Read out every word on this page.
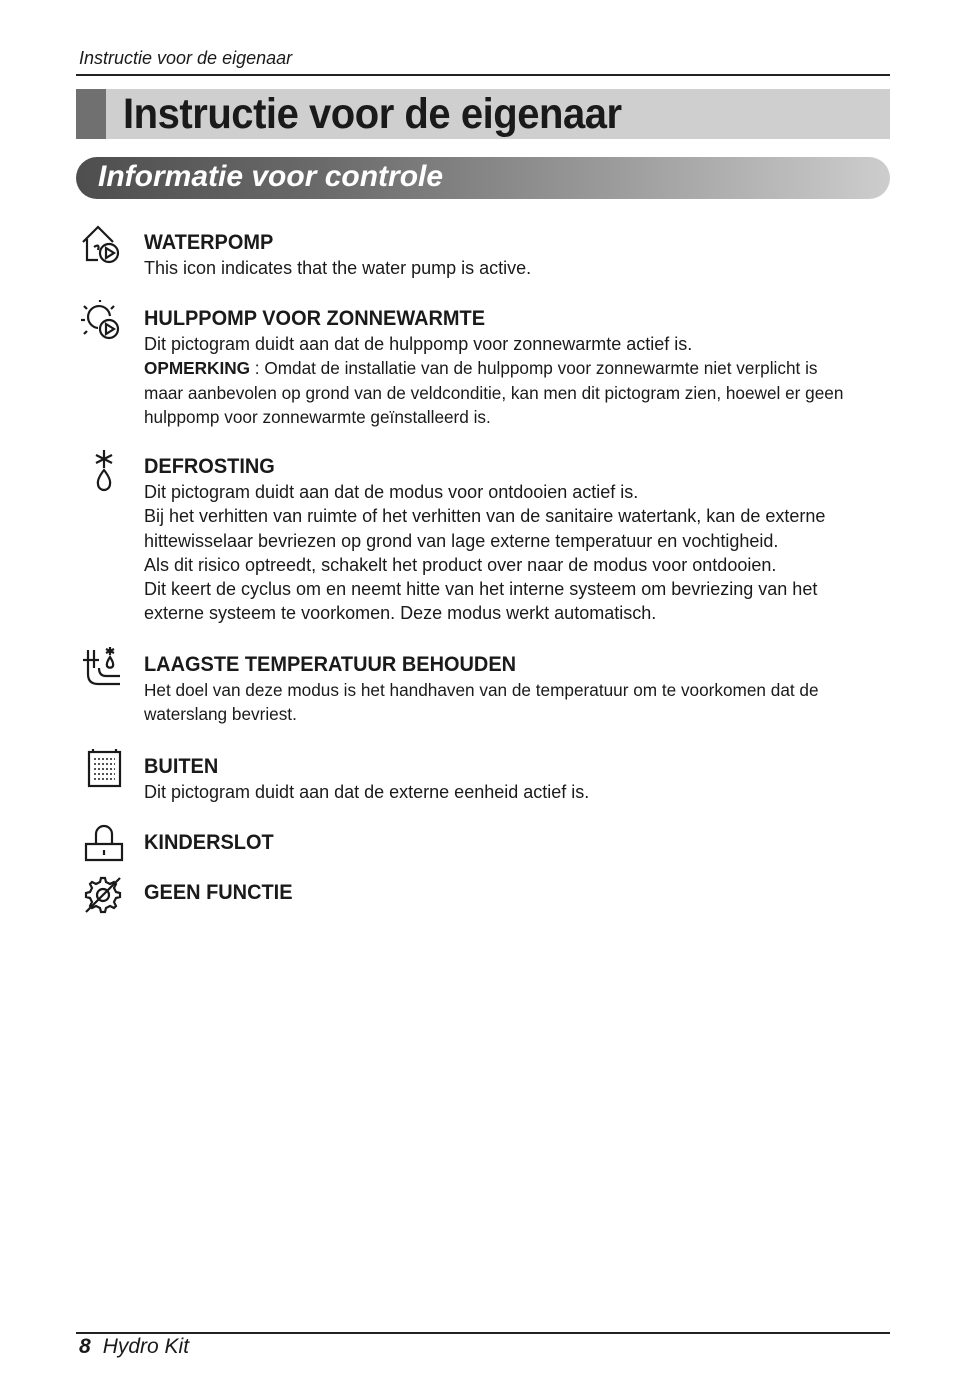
Instructie voor de eigenaar
Instructie voor de eigenaar
Informatie voor controle
WATERPOMP

This icon indicates that the water pump is active.

HULPPOMP VOOR ZONNEWARMTE

Dit pictogram duidt aan dat de hulppomp voor zonnewarmte actief is.

OPMERKING : Omdat de installatie van de hulppomp voor zonnewarmte niet verplicht is

maar aanbevolen op grond van de veldconditie, kan men dit pictogram zien, hoewel er geen

hulppomp voor zonnewarmte geïnstalleerd is.

DEFROSTING

Dit pictogram duidt aan dat de modus voor ontdooien actief is.

Bij het verhitten van ruimte of het verhitten van de sanitaire watertank, kan de externe

hittewisselaar bevriezen op grond van lage externe temperatuur en vochtigheid.

Als dit risico optreedt, schakelt het product over naar de modus voor ontdooien.

Dit keert de cyclus om en neemt hitte van het interne systeem om bevriezing van het

externe systeem te voorkomen. Deze modus werkt automatisch.

LAAGSTE TEMPERATUUR BEHOUDEN

Het doel van deze modus is het handhaven van de temperatuur om te voorkomen dat de

waterslang bevriest.

BUITEN

Dit pictogram duidt aan dat de externe eenheid actief is.

KINDERSLOT
GEEN FUNCTIE
8 Hydro Kit
